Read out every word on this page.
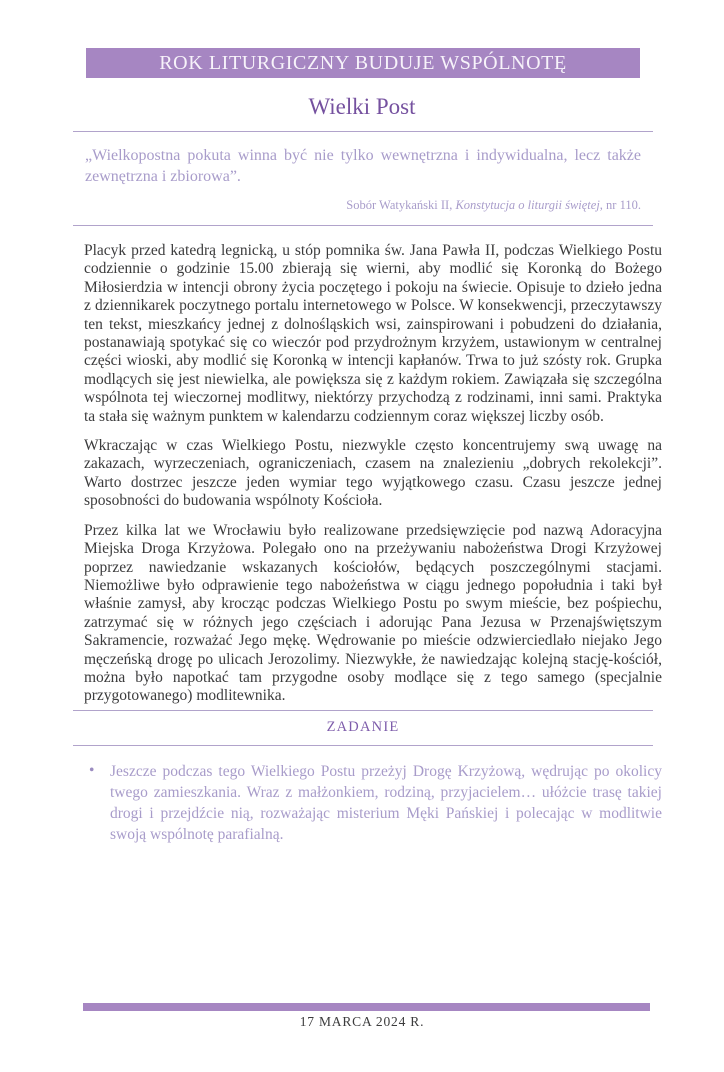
ROK LITURGICZNY BUDUJE WSPÓLNOTĘ
Wielki Post
„Wielkopostna pokuta winna być nie tylko wewnętrzna i indywidualna, lecz także zewnętrzna i zbiorowa”.
Sobór Watykański II, Konstytucja o liturgii świętej, nr 110.

Placyk przed katedrą legnicką, u stóp pomnika św. Jana Pawła II, podczas Wielkiego Postu codziennie o godzinie 15.00 zbierają się wierni, aby modlić się Koronką do Bożego Miłosierdzia w intencji obrony życia poczętego i pokoju na świecie. Opisuje to dzieło jedna z dziennikarek poczytnego portalu internetowego w Polsce. W konsekwencji, przeczytawszy ten tekst, mieszkańcy jednej z dolnośląskich wsi, zainspirowani i pobudzeni do działania, postanawiają spotykać się co wieczór pod przydrożnym krzyżem, ustawionym w centralnej części wioski, aby modlić się Koronką w intencji kapłanów. Trwa to już szósty rok. Grupka modlących się jest niewielka, ale powiększa się z każdym rokiem. Zawiązała się szczególna wspólnota tej wieczornej modlitwy, niektórzy przychodzą z rodzinami, inni sami. Praktyka ta stała się ważnym punktem w kalendarzu codziennym coraz większej liczby osób.

Wkraczając w czas Wielkiego Postu, niezwykle często koncentrujemy swą uwagę na zakazach, wyrzeczeniach, ograniczeniach, czasem na znalezieniu „dobrych rekolekcji”. Warto dostrzec jeszcze jeden wymiar tego wyjątkowego czasu. Czasu jeszcze jednej sposobności do budowania wspólnoty Kościoła.

Przez kilka lat we Wrocławiu było realizowane przedsięwzięcie pod nazwą Adoracyjna Miejska Droga Krzyżowa. Polegało ono na przeżywaniu nabożeństwa Drogi Krzyżowej poprzez nawiedzanie wskazanych kościołów, będących poszczególnymi stacjami. Niemożliwe było odprawienie tego nabożeństwa w ciągu jednego popołudnia i taki był właśnie zamysł, aby krocząc podczas Wielkiego Postu po swym mieście, bez pośpiechu, zatrzymać się w różnych jego częściach i adorując Pana Jezusa w Przenajświętszym Sakramencie, rozważać Jego mękę. Wędrowanie po mieście odzwierciedlało niejako Jego męczeńską drogę po ulicach Jerozolimy. Niezwykłe, że nawiedzając kolejną stację-kościół, można było napotkać tam przygodne osoby modlące się z tego samego (specjalnie przygotowanego) modlitewnika.

ZADANIE
• Jeszcze podczas tego Wielkiego Postu przeżyj Drogę Krzyżową, wędrując po okolicy twego zamieszkania. Wraz z małżonkiem, rodziną, przyjacielem… ułóżcie trasę takiej drogi i przejdźcie nią, rozważając misterium Męki Pańskiej i polecając w modlitwie swoją wspólnotę parafialną.
17 MARCA 2024 R.
